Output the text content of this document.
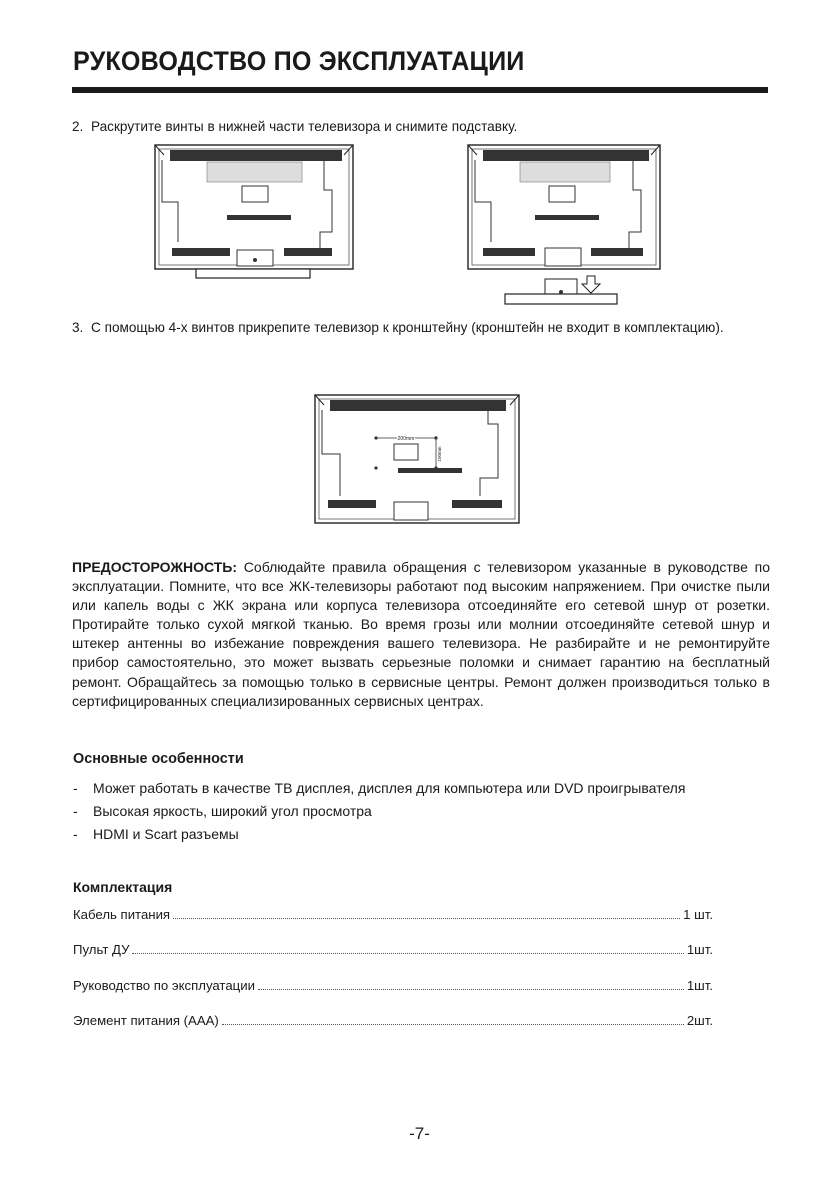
РУКОВОДСТВО ПО ЭКСПЛУАТАЦИИ
2. Раскрутите винты в нижней части телевизора и снимите подставку.
3. С помощью 4-х винтов прикрепите телевизор к кронштейну (кронштейн не входит в комплектацию).
200mm
100mm
ПРЕДОСТОРОЖНОСТЬ: Соблюдайте правила обращения с телевизором указанные в руководстве по эксплуатации. Помните, что все ЖК-телевизоры работают под высоким напряжением. При очистке пыли или капель воды с ЖК экрана или корпуса телевизора отсоединяйте его сетевой шнур от розетки. Протирайте только сухой мягкой тканью. Во время грозы или молнии отсоединяйте сетевой шнур и штекер антенны во избежание повреждения вашего телевизора. Не разбирайте и не ремонтируйте прибор самостоятельно, это может вызвать серьезные поломки и снимает гарантию на бесплатный ремонт. Обращайтесь за помощью только в сервисные центры. Ремонт должен производиться только в сертифицированных специализированных сервисных центрах.
Основные особенности
- Может работать в качестве ТВ дисплея, дисплея для компьютера или DVD проигрывателя
- Высокая яркость, широкий угол просмотра
- HDMI и Scart разъемы
Комплектация
Кабель питания	1 шт.
Пульт ДУ	1шт.
Руководство по эксплуатации	1шт.
Элемент питания (AAA)	2шт.
-7-
